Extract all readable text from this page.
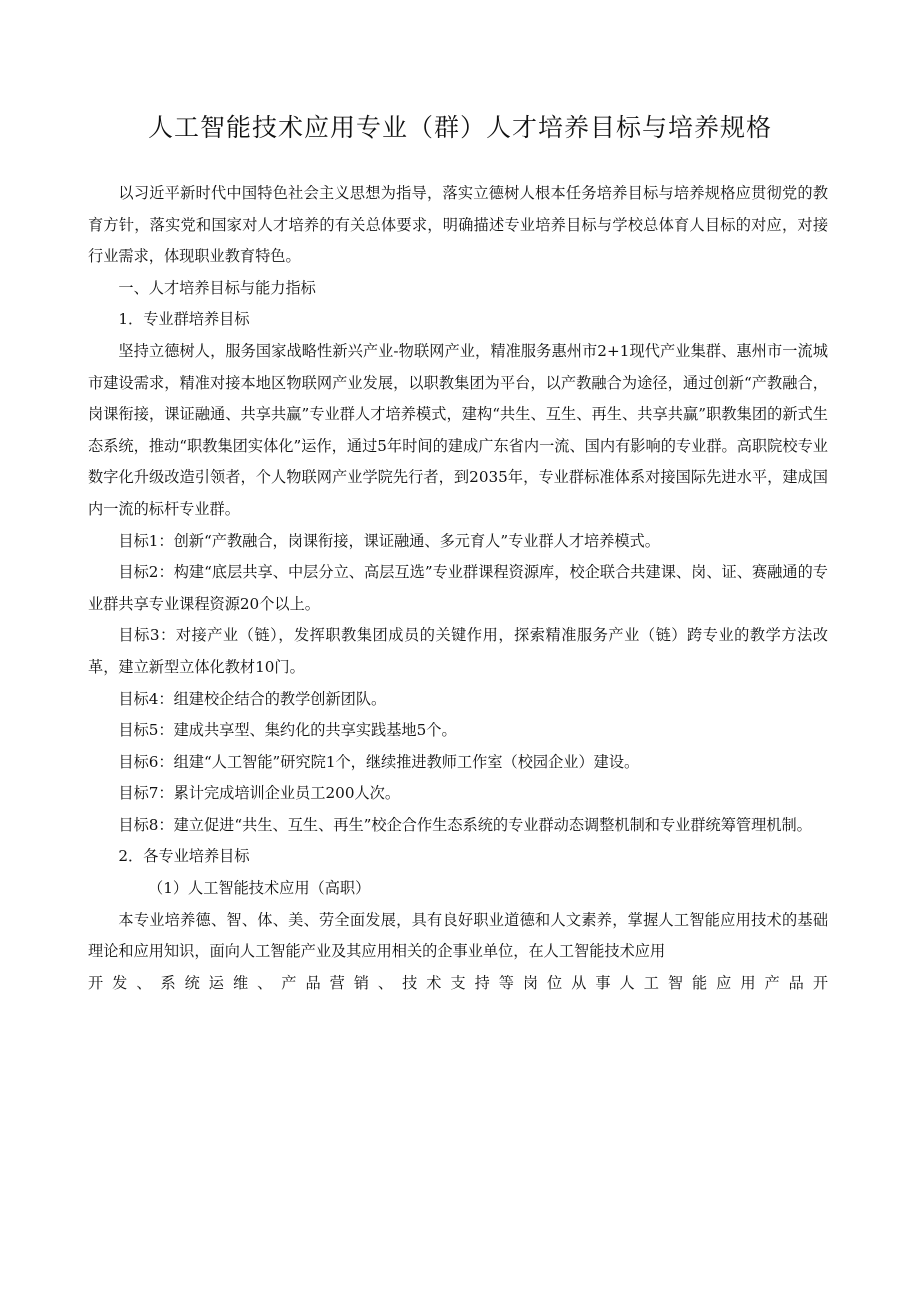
人工智能技术应用专业（群）人才培养目标与培养规格

以习近平新时代中国特色社会主义思想为指导，落实立德树人根本任务培养目标与培养规格应贯彻党的教育方针，落实党和国家对人才培养的有关总体要求，明确描述专业培养目标与学校总体育人目标的对应，对接行业需求，体现职业教育特色。

一、人才培养目标与能力指标

1．专业群培养目标

坚持立德树人，服务国家战略性新兴产业-物联网产业，精准服务惠州市2+1现代产业集群、惠州市一流城市建设需求，精准对接本地区物联网产业发展，以职教集团为平台，以产教融合为途径，通过创新“产教融合，岗课衔接，课证融通、共享共赢”专业群人才培养模式，建构“共生、互生、再生、共享共赢”职教集团的新式生态系统，推动“职教集团实体化”运作，通过5年时间的建成广东省内一流、国内有影响的专业群。高职院校专业数字化升级改造引领者，个人物联网产业学院先行者，到2035年，专业群标准体系对接国际先进水平，建成国内一流的标杆专业群。

目标1：创新“产教融合，岗课衔接，课证融通、多元育人”专业群人才培养模式。

目标2：构建“底层共享、中层分立、高层互选”专业群课程资源库，校企联合共建课、岗、证、赛融通的专业群共享专业课程资源20个以上。

目标3：对接产业（链），发挥职教集团成员的关键作用，探索精准服务产业（链）跨专业的教学方法改革，建立新型立体化教材10门。

目标4：组建校企结合的教学创新团队。

目标5：建成共享型、集约化的共享实践基地5个。

目标6：组建“人工智能”研究院1个，继续推进教师工作室（校园企业）建设。

目标7：累计完成培训企业员工200人次。

目标8：建立促进“共生、互生、再生”校企合作生态系统的专业群动态调整机制和专业群统筹管理机制。

2．各专业培养目标

（1）人工智能技术应用（高职）

本专业培养德、智、体、美、劳全面发展，具有良好职业道德和人文素养，掌握人工智能应用技术的基础理论和应用知识，面向人工智能产业及其应用相关的企事业单位，在人工智能技术应用

开发、系统运维、产品营销、技术支持等岗位从事人工智能应用产品开
